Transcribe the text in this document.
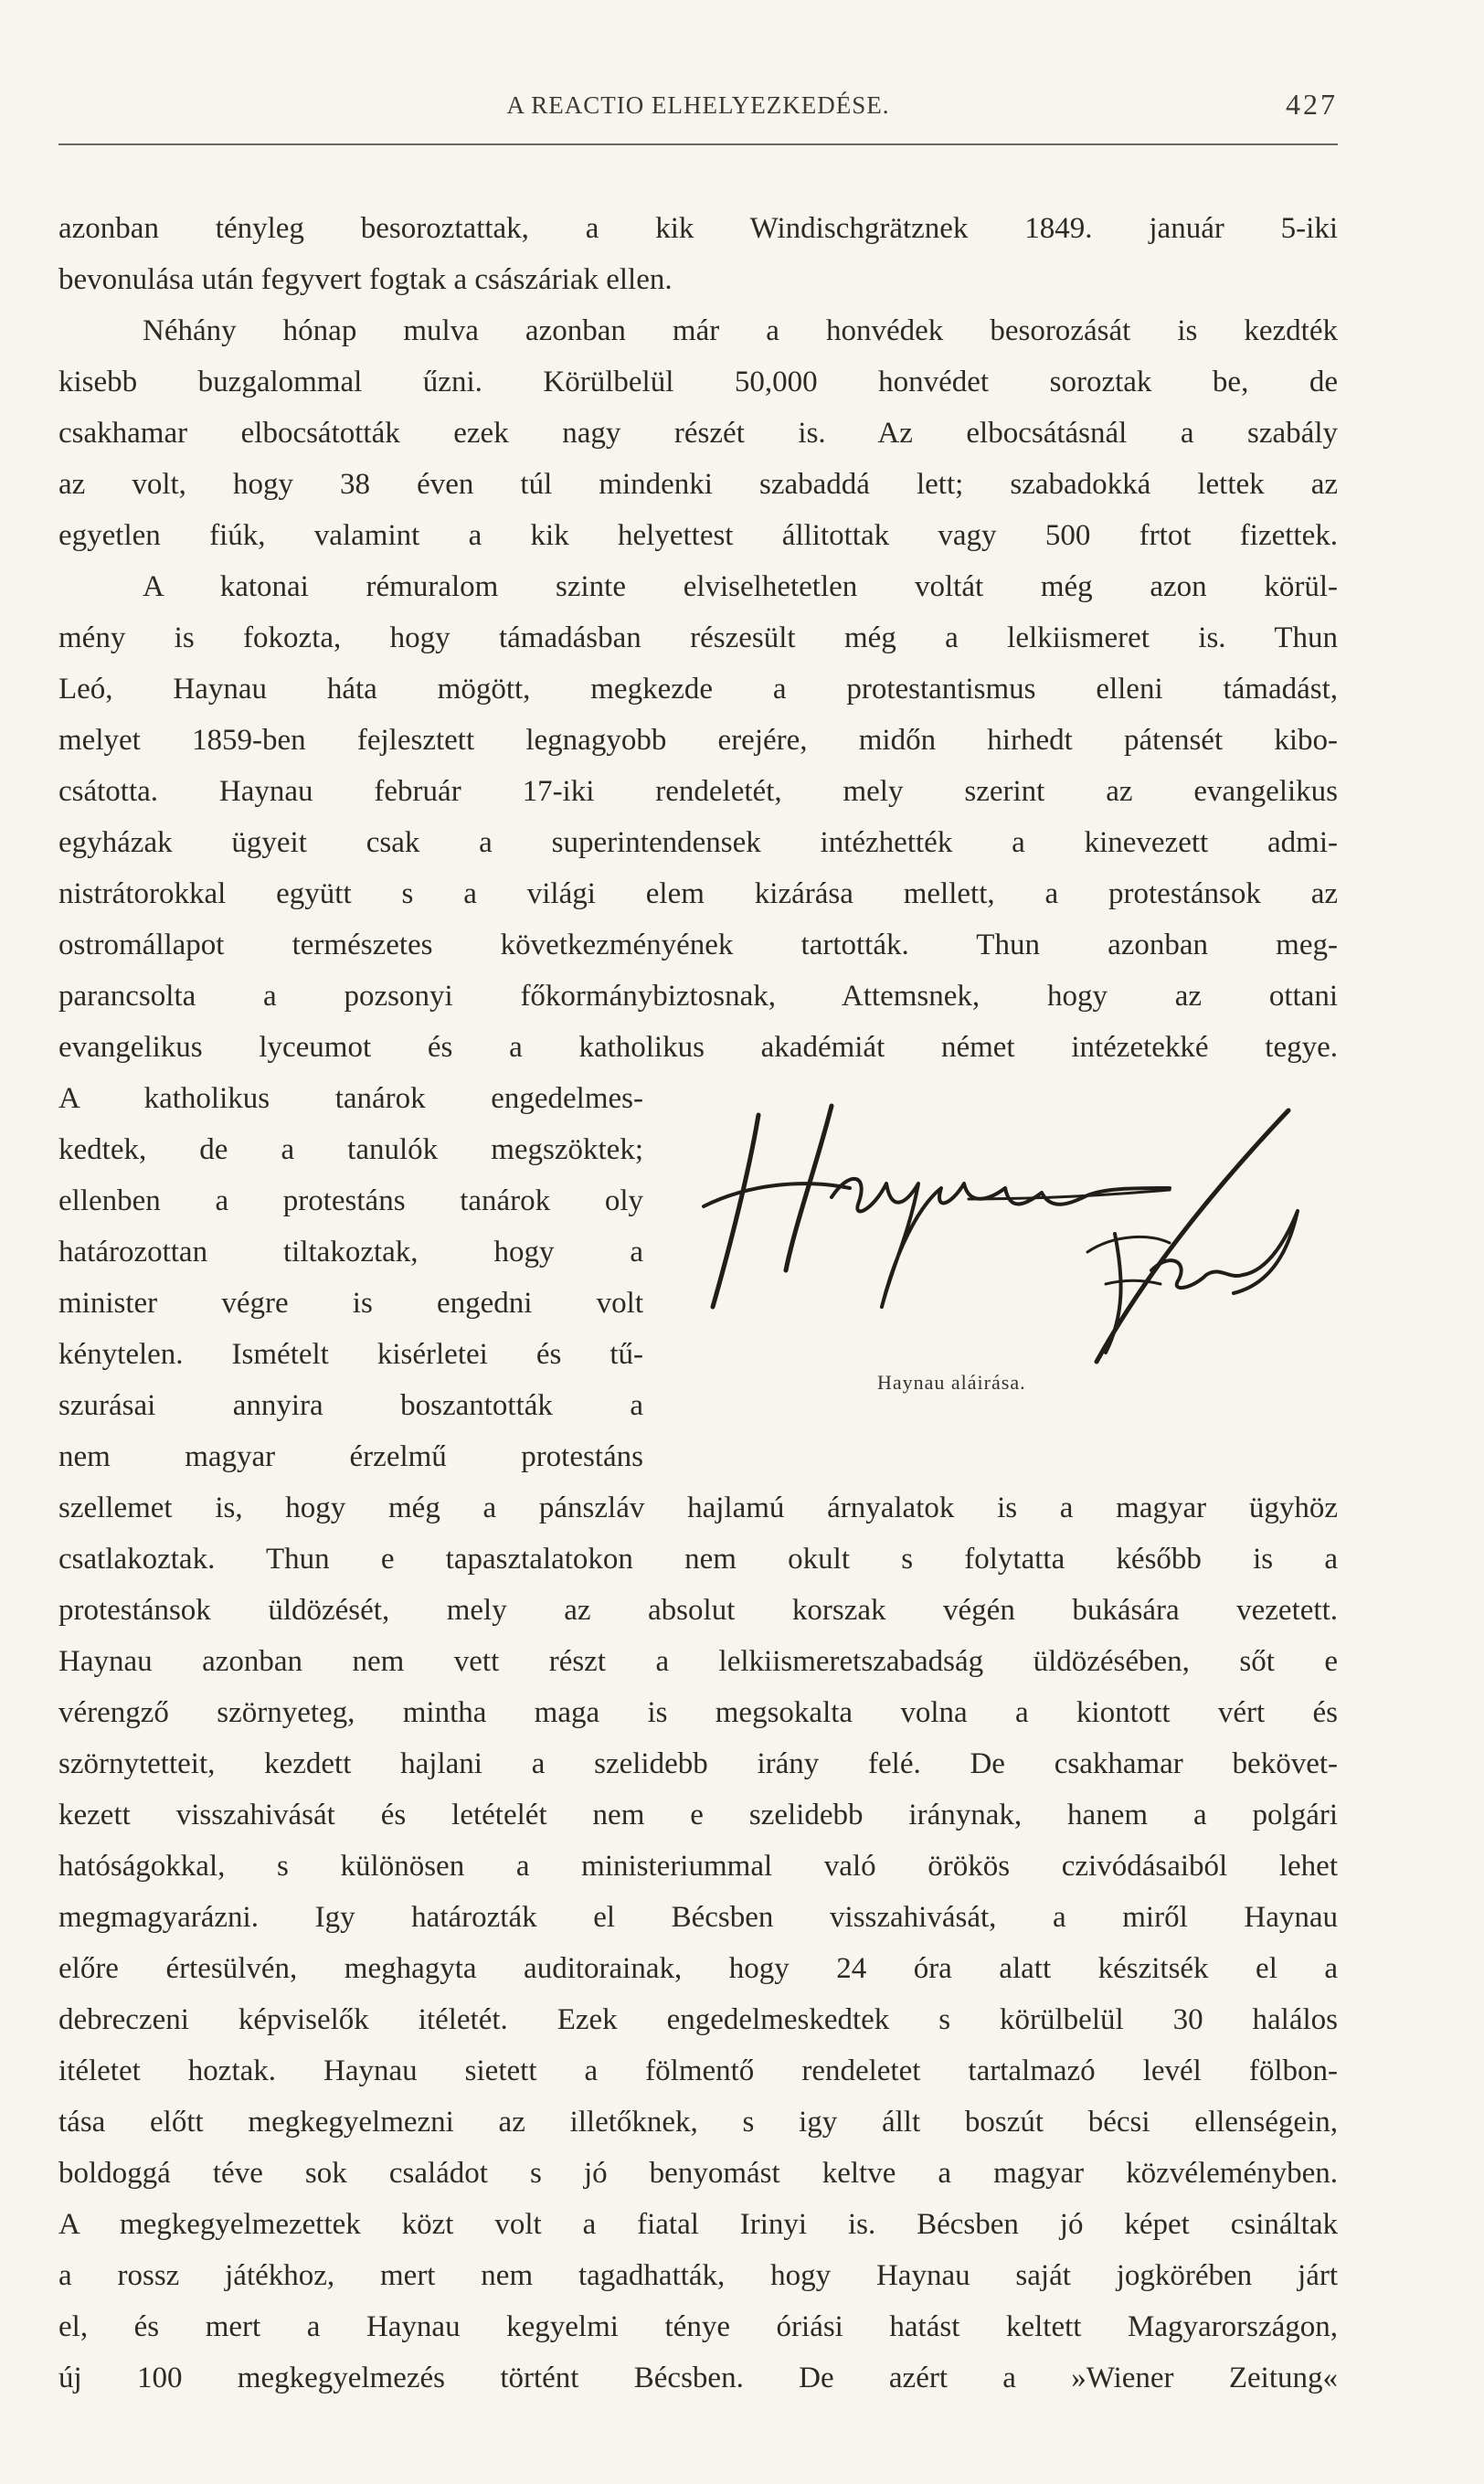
A REACTIO ELHELYEZKEDÉSE.	427
azonban tényleg besoroztattak, a kik Windischgrätznek 1849. január 5-iki
bevonulása után fegyvert fogtak a császáriak ellen.
Néhány hónap mulva azonban már a honvédek besorozását is kezdték
kisebb buzgalommal űzni. Körülbelül 50,000 honvédet soroztak be, de
csakhamar elbocsátották ezek nagy részét is. Az elbocsátásnál a szabály
az volt, hogy 38 éven túl mindenki szabaddá lett; szabadokká lettek az
egyetlen fiúk, valamint a kik helyettest állitottak vagy 500 frtot fizettek.
A katonai rémuralom szinte elviselhetetlen voltát még azon körül-
mény is fokozta, hogy támadásban részesült még a lelkiismeret is. Thun
Leó, Haynau háta mögött, megkezde a protestantismus elleni támadást,
melyet 1859-ben fejlesztett legnagyobb erejére, midőn hirhedt pátensét kibo-
csátotta. Haynau február 17-iki rendeletét, mely szerint az evangelikus
egyházak ügyeit csak a superintendensek intézhették a kinevezett admi-
nistrátorokkal együtt s a világi elem kizárása mellett, a protestánsok az
ostromállapot természetes következményének tartották. Thun azonban meg-
parancsolta a pozsonyi főkormánybiztosnak, Attemsnek, hogy az ottani
evangelikus lyceumot és a katholikus akadémiát német intézetekké tegye.
A katholikus tanárok engedelmes-
kedtek, de a tanulók megszöktek;
ellenben a protestáns tanárok oly
határozottan tiltakoztak, hogy a
minister végre is engedni volt
kénytelen. Ismételt kisérletei és tű-
szurásai annyira boszantották a
nem magyar érzelmű protestáns
szellemet is, hogy még a pánszláv hajlamú árnyalatok is a magyar ügyhöz
csatlakoztak. Thun e tapasztalatokon nem okult s folytatta később is a
protestánsok üldözését, mely az absolut korszak végén bukására vezetett.
Haynau azonban nem vett részt a lelkiismeretszabadság üldözésében, sőt e
vérengző szörnyeteg, mintha maga is megsokalta volna a kiontott vért és
szörnytetteit, kezdett hajlani a szelidebb irány felé. De csakhamar bekövet-
kezett visszahivását és letételét nem e szelidebb iránynak, hanem a polgári
hatóságokkal, s különösen a ministeriummal való örökös czivódásaiból lehet
megmagyarázni. Igy határozták el Bécsben visszahivását, a miről Haynau
előre értesülvén, meghagyta auditorainak, hogy 24 óra alatt készitsék el a
debreczeni képviselők itéletét. Ezek engedelmeskedtek s körülbelül 30 halálos
itéletet hoztak. Haynau sietett a fölmentő rendeletet tartalmazó levél fölbon-
tása előtt megkegyelmezni az illetőknek, s igy állt boszút bécsi ellenségein,
boldoggá téve sok családot s jó benyomást keltve a magyar közvéleményben.
A megkegyelmezettek közt volt a fiatal Irinyi is. Bécsben jó képet csináltak
a rossz játékhoz, mert nem tagadhatták, hogy Haynau saját jogkörében járt
el, és mert a Haynau kegyelmi ténye óriási hatást keltett Magyarországon,
új 100 megkegyelmezés történt Bécsben. De azért a »Wiener Zeitung«
Haynau aláirása.
